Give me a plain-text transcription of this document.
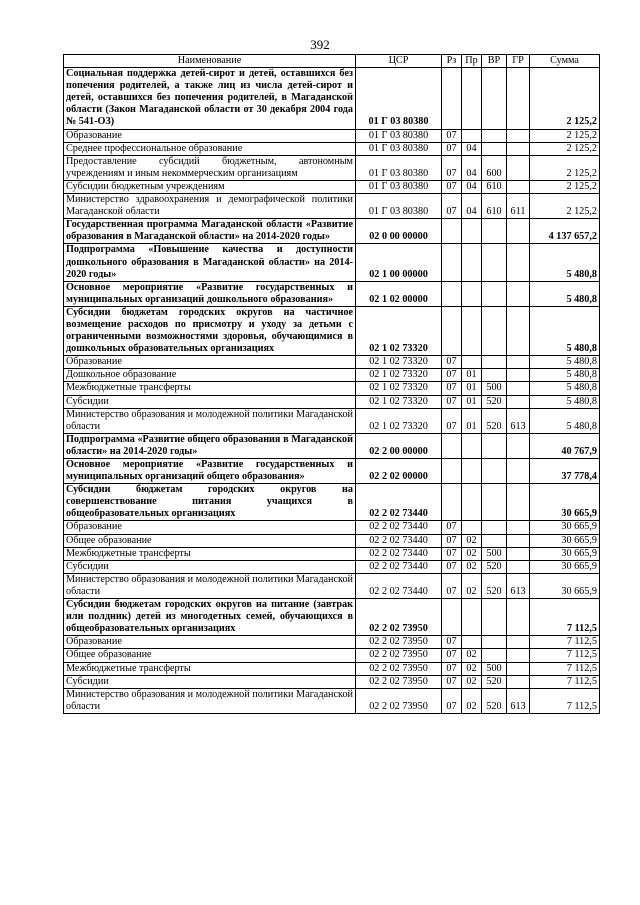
392
Наименование	ЦСР	Рз	Пр	ВР	ГР	Сумма
Социальная поддержка детей-сирот и детей, оставшихся без попечения родителей, а также лиц из числа детей-сирот и детей, оставшихся без попечения родителей, в Магаданской области (Закон Магаданской области от 30 декабря 2004 года № 541-ОЗ)	01 Г 03 80380					2 125,2
Образование	01 Г 03 80380	07				2 125,2
Среднее профессиональное образование	01 Г 03 80380	07	04			2 125,2
Предоставление субсидий бюджетным, автономным учреждениям и иным некоммерческим организациям	01 Г 03 80380	07	04	600		2 125,2
Субсидии бюджетным учреждениям	01 Г 03 80380	07	04	610		2 125,2
Министерство здравоохранения и демографической политики Магаданской области	01 Г 03 80380	07	04	610	611	2 125,2
Государственная программа Магаданской области «Развитие образования в Магаданской области» на 2014-2020 годы»	02 0 00 00000					4 137 657,2
Подпрограмма «Повышение качества и доступности дошкольного образования в Магаданской области» на 2014-2020 годы»	02 1 00 00000					5 480,8
Основное мероприятие «Развитие государственных и муниципальных организаций дошкольного образования»	02 1 02 00000					5 480,8
Субсидии бюджетам городских округов на частичное возмещение расходов по присмотру и уходу за детьми с ограниченными возможностями здоровья, обучающимися в дошкольных образовательных организациях	02 1 02 73320					5 480,8
Образование	02 1 02 73320	07				5 480,8
Дошкольное образование	02 1 02 73320	07	01			5 480,8
Межбюджетные трансферты	02 1 02 73320	07	01	500		5 480,8
Субсидии	02 1 02 73320	07	01	520		5 480,8
Министерство образования и молодежной политики Магаданской области	02 1 02 73320	07	01	520	613	5 480,8
Подпрограмма «Развитие общего образования в Магаданской области» на 2014-2020 годы»	02 2 00 00000					40 767,9
Основное мероприятие «Развитие государственных и муниципальных организаций общего образования»	02 2 02 00000					37 778,4
Субсидии бюджетам городских округов на совершенствование питания учащихся в общеобразовательных организациях	02 2 02 73440					30 665,9
Образование	02 2 02 73440	07				30 665,9
Общее образование	02 2 02 73440	07	02			30 665,9
Межбюджетные трансферты	02 2 02 73440	07	02	500		30 665,9
Субсидии	02 2 02 73440	07	02	520		30 665,9
Министерство образования и молодежной политики Магаданской области	02 2 02 73440	07	02	520	613	30 665,9
Субсидии бюджетам городских округов на питание (завтрак или полдник) детей из многодетных семей, обучающихся в общеобразовательных организациях	02 2 02 73950					7 112,5
Образование	02 2 02 73950	07				7 112,5
Общее образование	02 2 02 73950	07	02			7 112,5
Межбюджетные трансферты	02 2 02 73950	07	02	500		7 112,5
Субсидии	02 2 02 73950	07	02	520		7 112,5
Министерство образования и молодежной политики Магаданской области	02 2 02 73950	07	02	520	613	7 112,5
